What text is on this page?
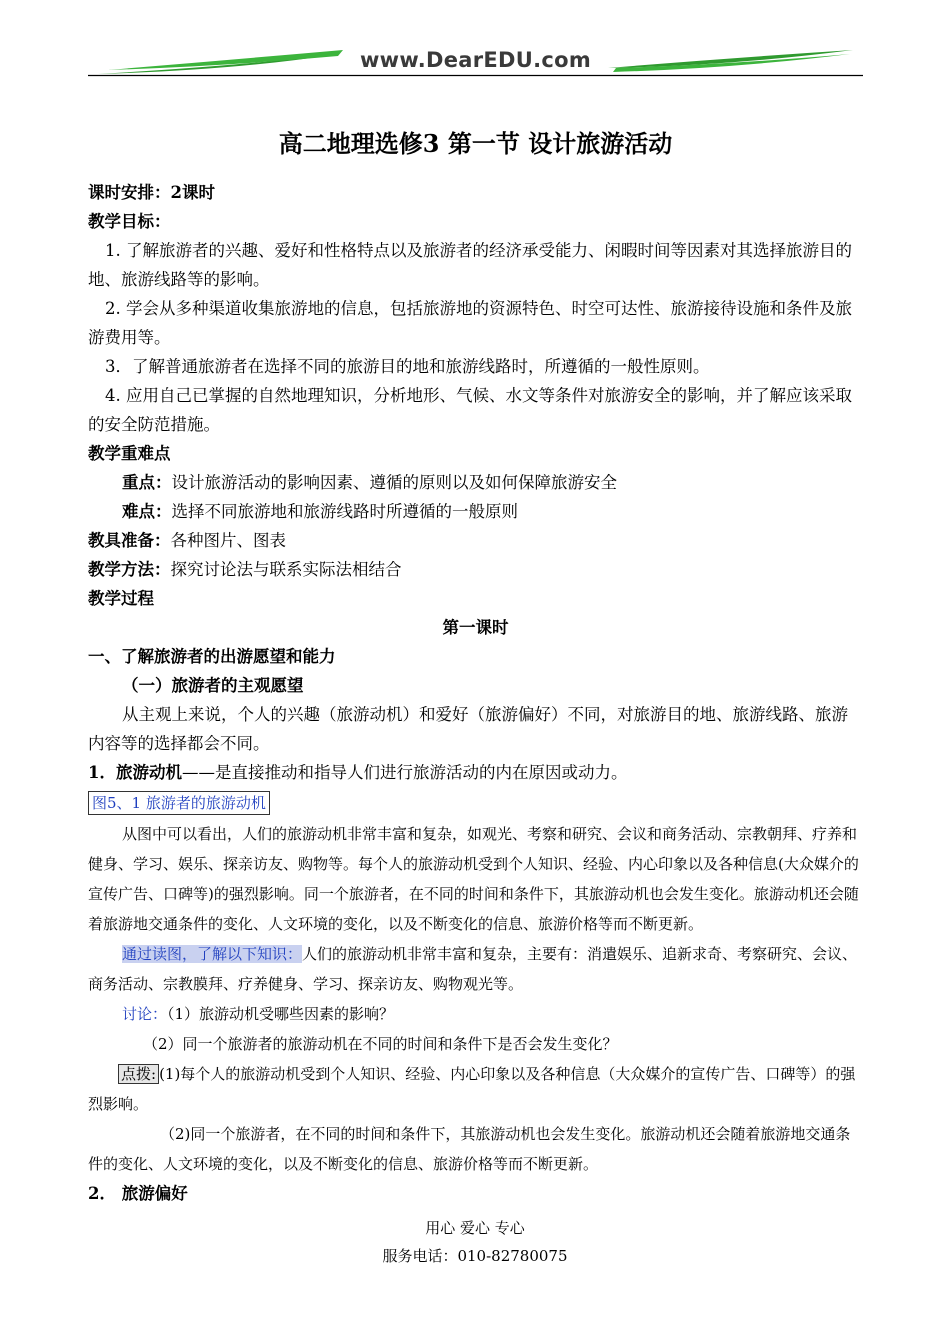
www.DearEDU.com
高二地理选修3 第一节 设计旅游活动

课时安排：2课时

教学目标：

1. 了解旅游者的兴趣、爱好和性格特点以及旅游者的经济承受能力、闲暇时间等因素对其选择旅游目的地、旅游线路等的影响。

2. 学会从多种渠道收集旅游地的信息，包括旅游地的资源特色、时空可达性、旅游接待设施和条件及旅游费用等。

3．了解普通旅游者在选择不同的旅游目的地和旅游线路时，所遵循的一般性原则。

4. 应用自己已掌握的自然地理知识，分析地形、气候、水文等条件对旅游安全的影响，并了解应该采取的安全防范措施。

教学重难点

重点：设计旅游活动的影响因素、遵循的原则以及如何保障旅游安全

难点：选择不同旅游地和旅游线路时所遵循的一般原则

教具准备：各种图片、图表

教学方法：探究讨论法与联系实际法相结合

教学过程

第一课时

一、了解旅游者的出游愿望和能力

（一）旅游者的主观愿望

从主观上来说，个人的兴趣（旅游动机）和爱好（旅游偏好）不同，对旅游目的地、旅游线路、旅游内容等的选择都会不同。

1．旅游动机——是直接推动和指导人们进行旅游活动的内在原因或动力。

图5、1 旅游者的旅游动机

从图中可以看出，人们的旅游动机非常丰富和复杂，如观光、考察和研究、会议和商务活动、宗教朝拜、疗养和健身、学习、娱乐、探亲访友、购物等。每个人的旅游动机受到个人知识、经验、内心印象以及各种信息(大众媒介的宣传广告、口碑等)的强烈影响。同一个旅游者，在不同的时间和条件下，其旅游动机也会发生变化。旅游动机还会随着旅游地交通条件的变化、人文环境的变化，以及不断变化的信息、旅游价格等而不断更新。

通过读图，了解以下知识：人们的旅游动机非常丰富和复杂，主要有：消遣娱乐、追新求奇、考察研究、会议、商务活动、宗教膜拜、疗养健身、学习、探亲访友、购物观光等。

讨论：（1）旅游动机受哪些因素的影响？

（2）同一个旅游者的旅游动机在不同的时间和条件下是否会发生变化？

点拨: (1)每个人的旅游动机受到个人知识、经验、内心印象以及各种信息（大众媒介的宣传广告、口碑等）的强烈影响。

（2)同一个旅游者，在不同的时间和条件下，其旅游动机也会发生变化。旅游动机还会随着旅游地交通条件的变化、人文环境的变化，以及不断变化的信息、旅游价格等而不断更新。

2． 旅游偏好

用心 爱心 专心
服务电话：010-82780075
